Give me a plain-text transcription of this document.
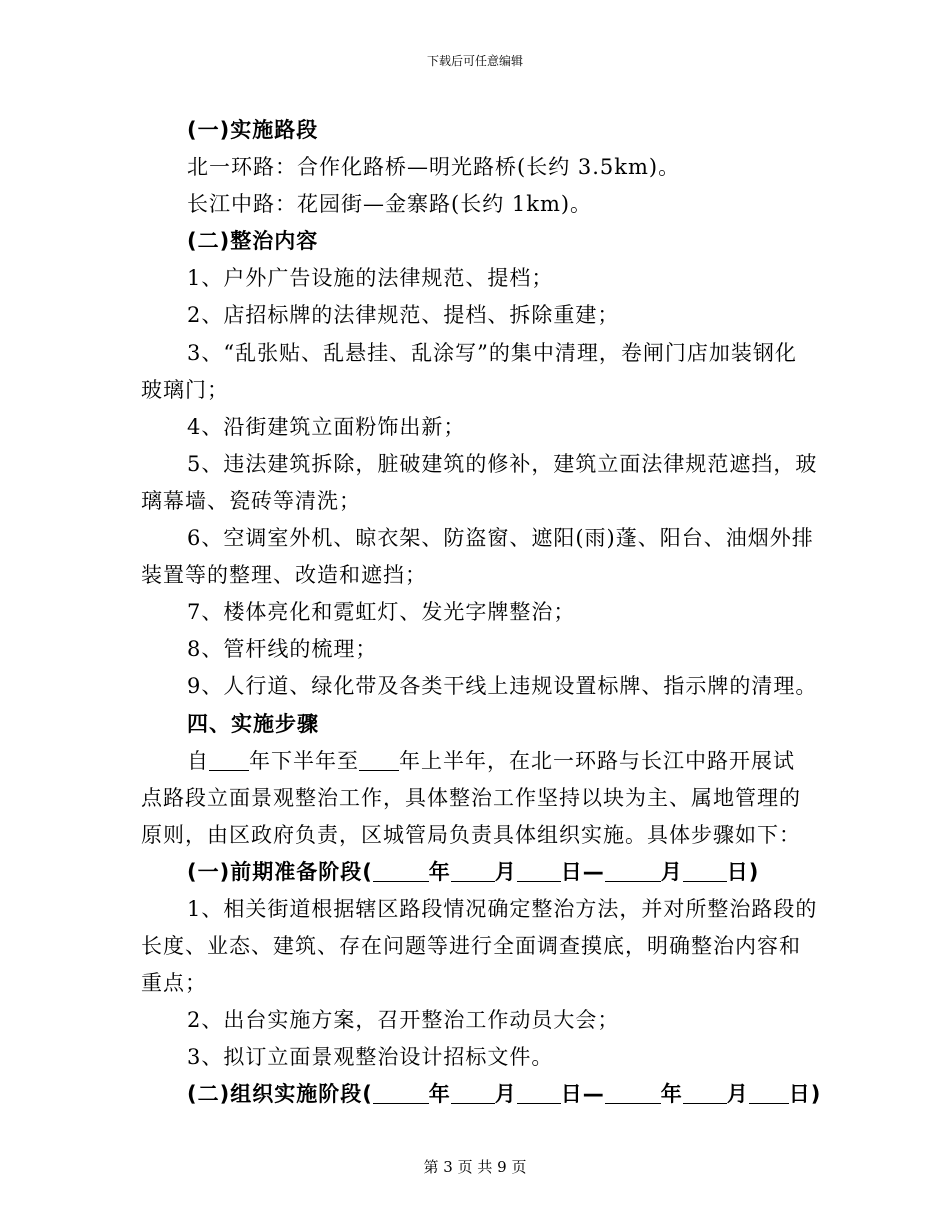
下载后可任意编辑
(一)实施路段
北一环路：合作化路桥—明光路桥(长约 3.5km)。
长江中路：花园街—金寨路(长约 1km)。
(二)整治内容
1、户外广告设施的法律规范、提档；
2、店招标牌的法律规范、提档、拆除重建；
3、“乱张贴、乱悬挂、乱涂写”的集中清理，卷闸门店加装钢化
玻璃门；
4、沿街建筑立面粉饰出新；
5、违法建筑拆除，脏破建筑的修补，建筑立面法律规范遮挡，玻
璃幕墙、瓷砖等清洗；
6、空调室外机、晾衣架、防盗窗、遮阳(雨)蓬、阳台、油烟外排
装置等的整理、改造和遮挡；
7、楼体亮化和霓虹灯、发光字牌整治；
8、管杆线的梳理；
9、人行道、绿化带及各类干线上违规设置标牌、指示牌的清理。
四、实施步骤
自 年下半年至 年上半年，在北一环路与长江中路开展试
点路段立面景观整治工作，具体整治工作坚持以块为主、属地管理的
原则，由区政府负责，区城管局负责具体组织实施。具体步骤如下：
(一)前期准备阶段(	年 月 日—	月 日)
1、相关街道根据辖区路段情况确定整治方法，并对所整治路段的
长度、业态、建筑、存在问题等进行全面调查摸底，明确整治内容和
重点；
2、出台实施方案，召开整治工作动员大会；
3、拟订立面景观整治设计招标文件。
(二)组织实施阶段(	年 月 日—	年 月 日)
第 3 页 共 9 页
